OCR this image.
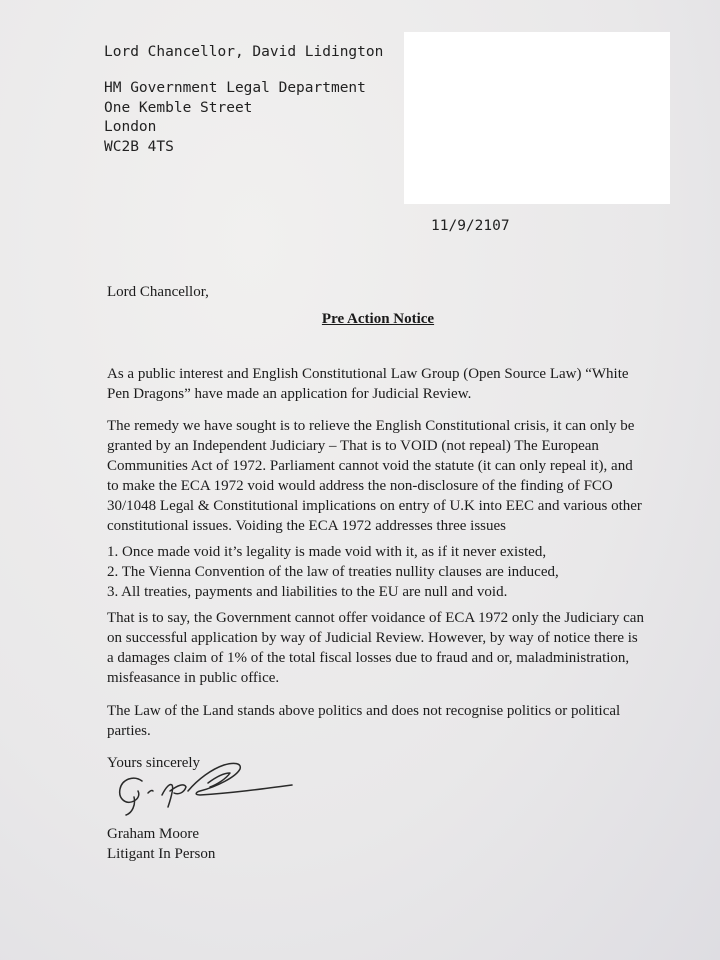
Lord Chancellor, David Lidington
HM Government Legal Department
One Kemble Street
London
WC2B 4TS
11/9/2107
Lord Chancellor,
Pre Action Notice
As a public interest and English Constitutional Law Group (Open Source Law) “White
Pen Dragons” have made an application for Judicial Review.
The remedy we have sought is to relieve the English Constitutional crisis, it can only be
granted by an Independent Judiciary – That is to VOID (not repeal) The European
Communities Act of 1972. Parliament cannot void the statute (it can only repeal it), and
to make the ECA 1972 void would address the non-disclosure of the finding of FCO
30/1048 Legal & Constitutional implications on entry of U.K into EEC and various other
constitutional issues. Voiding the ECA 1972 addresses three issues
1. Once made void it’s legality is made void with it, as if it never existed,
2. The Vienna Convention of the law of treaties nullity clauses are induced,
3. All treaties, payments and liabilities to the EU are null and void.
That is to say, the Government cannot offer voidance of ECA 1972 only the Judiciary can
on successful application by way of Judicial Review. However, by way of notice there is
a damages claim of 1% of the total fiscal losses due to fraud and or, maladministration,
misfeasance in public office.
The Law of the Land stands above politics and does not recognise politics or political
parties.
Yours sincerely
Graham Moore
Litigant In Person
